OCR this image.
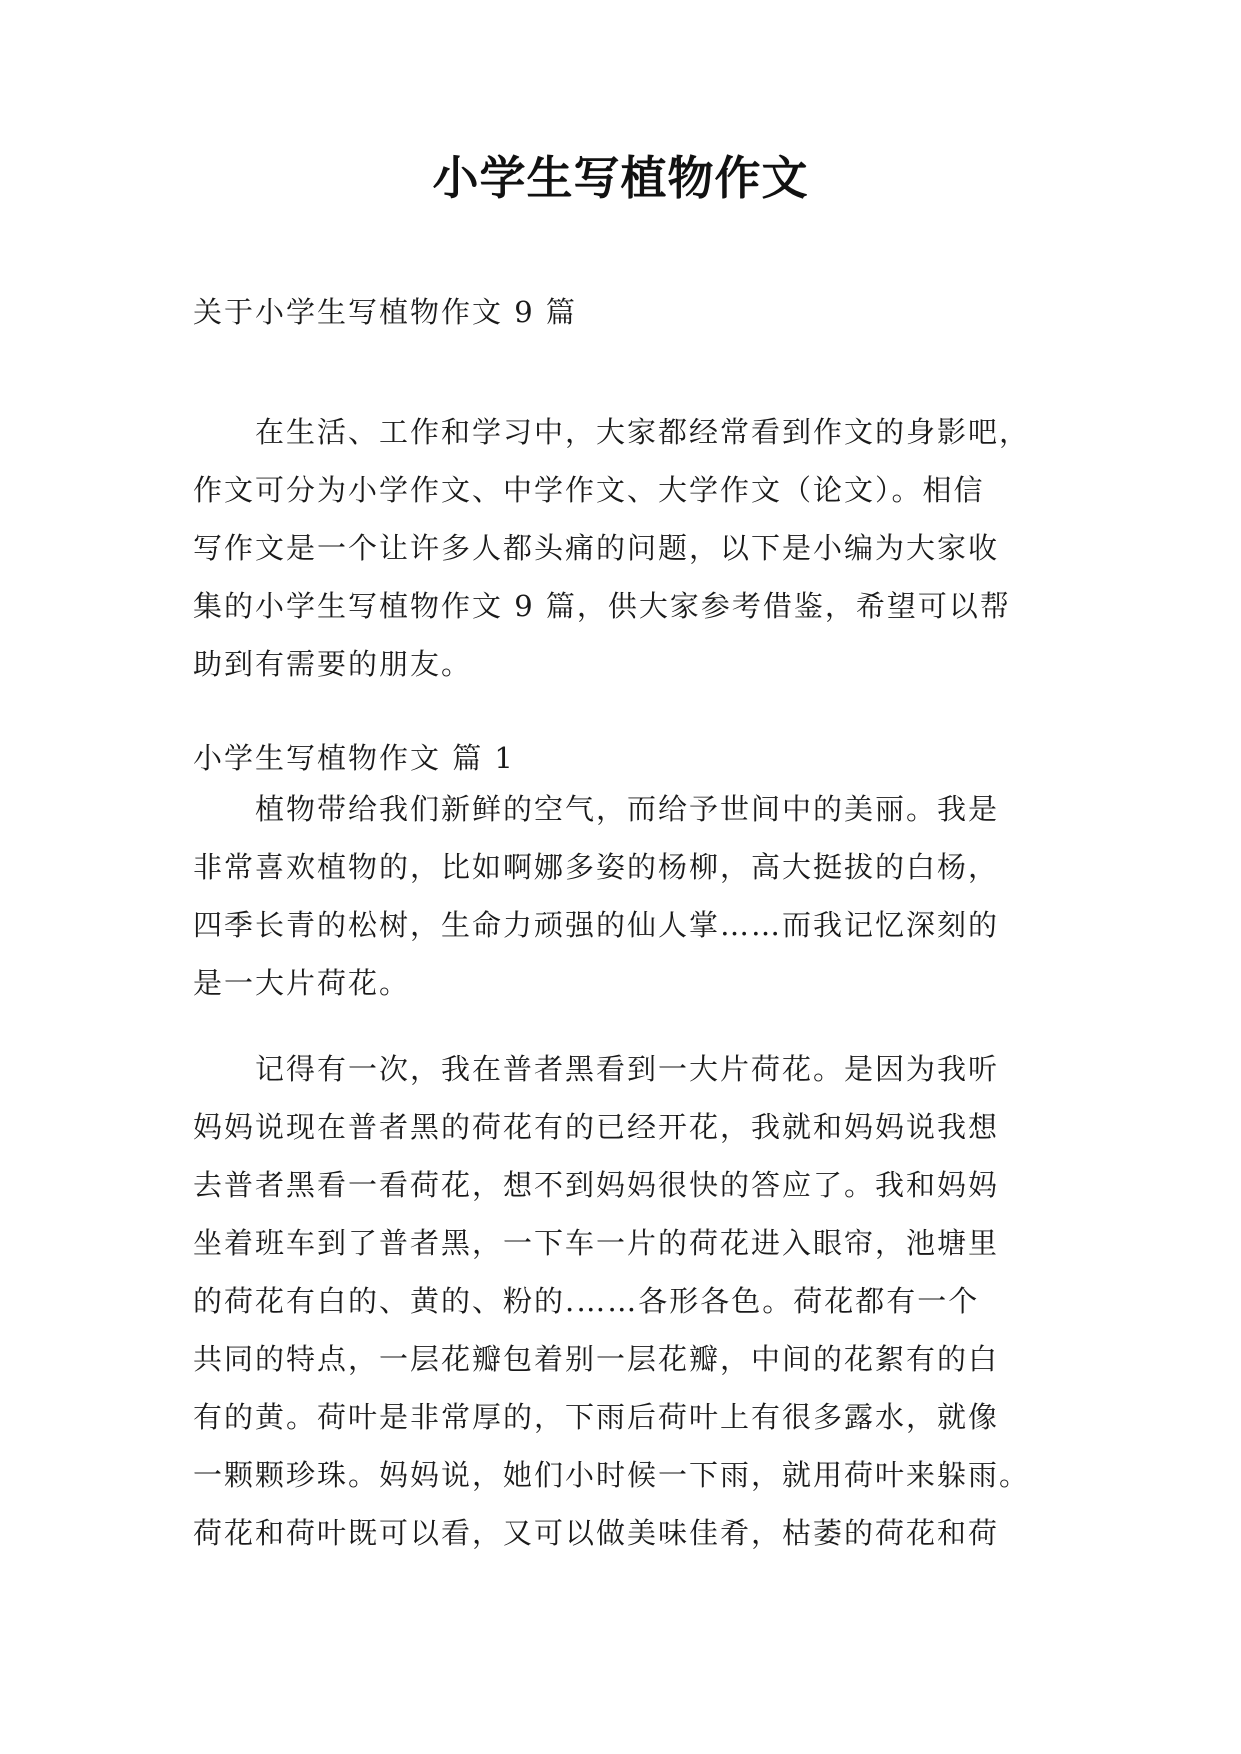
小学生写植物作文
关于小学生写植物作文 9 篇
在生活、工作和学习中，大家都经常看到作文的身影吧，
作文可分为小学作文、中学作文、大学作文（论文）。相信
写作文是一个让许多人都头痛的问题，以下是小编为大家收
集的小学生写植物作文 9 篇，供大家参考借鉴，希望可以帮
助到有需要的朋友。
小学生写植物作文 篇 1
植物带给我们新鲜的空气，而给予世间中的美丽。我是
非常喜欢植物的，比如啊娜多姿的杨柳，高大挺拔的白杨，
四季长青的松树，生命力顽强的仙人掌……而我记忆深刻的
是一大片荷花。
记得有一次，我在普者黑看到一大片荷花。是因为我听
妈妈说现在普者黑的荷花有的已经开花，我就和妈妈说我想
去普者黑看一看荷花，想不到妈妈很快的答应了。我和妈妈
坐着班车到了普者黑，一下车一片的荷花进入眼帘，池塘里
的荷花有白的、黄的、粉的.……各形各色。荷花都有一个
共同的特点，一层花瓣包着别一层花瓣，中间的花絮有的白
有的黄。荷叶是非常厚的，下雨后荷叶上有很多露水，就像
一颗颗珍珠。妈妈说，她们小时候一下雨，就用荷叶来躲雨。
荷花和荷叶既可以看，又可以做美味佳肴，枯萎的荷花和荷
